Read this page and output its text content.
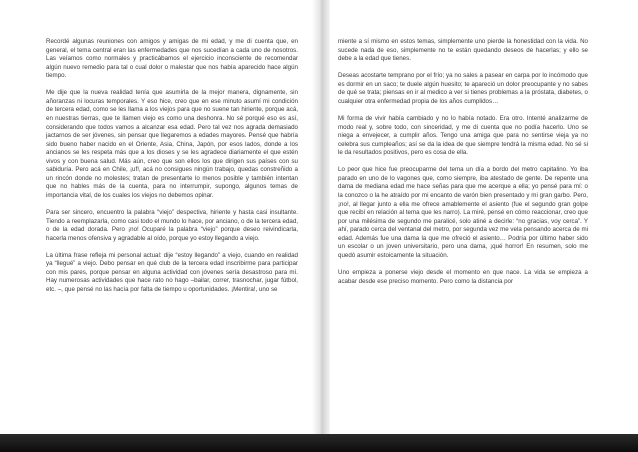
Recordé algunas reuniones con amigos y amigas de mi edad, y me di cuenta que, en general, el tema central eran las enfermedades que nos sucedían a cada uno de nosotros. Las veíamos como normales y practicábamos el ejercicio inconsciente de recomendar algún nuevo remedio para tal o cual dolor o malestar que nos había aparecido hace algún tiempo.

Me dije que la nueva realidad tenía que asumirla de la mejor manera, dignamente, sin añoranzas ni locuras temporales. Y eso hice, creo que en ese minuto asumí mi condición de tercera edad, como se les llama a los viejos para que no suene tan hiriente, porque acá, en nuestras tierras, que te llamen viejo es como una deshonra. No sé porqué eso es así, considerando que todos vamos a alcanzar esa edad. Pero tal vez nos agrada demasiado jactarnos de ser jóvenes, sin pensar que llegaremos a edades mayores. Pensé que habría sido bueno haber nacido en el Oriente, Asia, China, Japón, por esos lados, donde a los ancianos se les respeta más que a los dioses y se les agradece diariamente el que estén vivos y con buena salud. Más aún, creo que son ellos los que dirigen sus países con su sabiduría. Pero acá en Chile, ¡uf!, acá no consigues ningún trabajo, quedas constreñido a un rincón donde no molestes; tratan de presentarte lo menos posible y también intentan que no hables más de la cuenta, para no interrumpir, supongo, algunos temas de importancia vital, de los cuales los viejos no debemos opinar.

Para ser sincero, encuentro la palabra “viejo” despectiva, hiriente y hasta casi insultante. Tiendo a reemplazarla, como casi todo el mundo lo hace, por anciano, o de la tercera edad, o de la edad dorada. Pero ¡no! Ocuparé la palabra “viejo” porque deseo reivindicarla, hacerla menos ofensiva y agradable al oído, porque yo estoy llegando a viejo.

La última frase refleja mi personal actual: dije “estoy llegando” a viejo, cuando en realidad ya “llegué” a viejo. Debo pensar en qué club de la tercera edad inscribirme para participar con mis pares, porque pensar en alguna actividad con jóvenes sería desastroso para mí. Hay numerosas actividades que hace rato no hago –bailar, correr, trasnochar, jugar fútbol, etc. –, que pensé no las hacía por falta de tiempo u oportunidades. ¡Mentira!, uno se

miente a sí mismo en estos temas, simplemente uno pierde la honestidad con la vida. No sucede nada de eso, simplemente no te están quedando deseos de hacerlas; y ello se debe a la edad que tienes.

Deseas acostarte temprano por el frío; ya no sales a pasear en carpa por lo incómodo que es dormir en un saco; te duele algún huesito; te apareció un dolor preocupante y no sabes de qué se trata; piensas en ir al medico a ver si tienes problemas a la próstata, diabetes, o cualquier otra enfermedad propia de los años cumplidos…

Mi forma de vivir había cambiado y no lo había notado. Era otro. Intenté analizarme de modo real y, sobre todo, con sinceridad, y me di cuenta que no podía hacerlo. Uno se niega a envejecer, a cumplir años. Tengo una amiga que para no sentirse vieja ya no celebra sus cumpleaños; así se da la idea de que siempre tendrá la misma edad. No sé si le da resultados positivos, pero es cosa de ella.

Lo peor que hice fue preocuparme del tema un día a bordo del metro capitalino. Yo iba parado en uno de lo vagones que, como siempre, iba atestado de gente. De repente una dama de mediana edad me hace señas para que me acerque a ella; yo pensé para mí: o la conozco o la he atraído por mi encanto de varón bien presentado y mi gran garbo. Pero, ¡no!, al llegar junto a ella me ofrece amablemente el asiento (fue el segundo gran golpe que recibí en relación al tema que les narro). La miré, pensé en cómo reaccionar, creo que por una milésima de segundo me paralicé, solo atiné a decirle: “no gracias, voy cerca”. Y ahí, parado cerca del ventanal del metro, por segunda vez me vela pensando acerca de mi edad. Además fue una dama la que me ofreció el asiento… Podría por último haber sido un escolar o un joven universitario, pero una dama, ¡qué horror! En resumen, solo me quedó asumir estoicamente la situación.

Uno empieza a ponerse viejo desde el momento en que nace. La vida se empieza a acabar desde ese preciso momento. Pero como la distancia por
